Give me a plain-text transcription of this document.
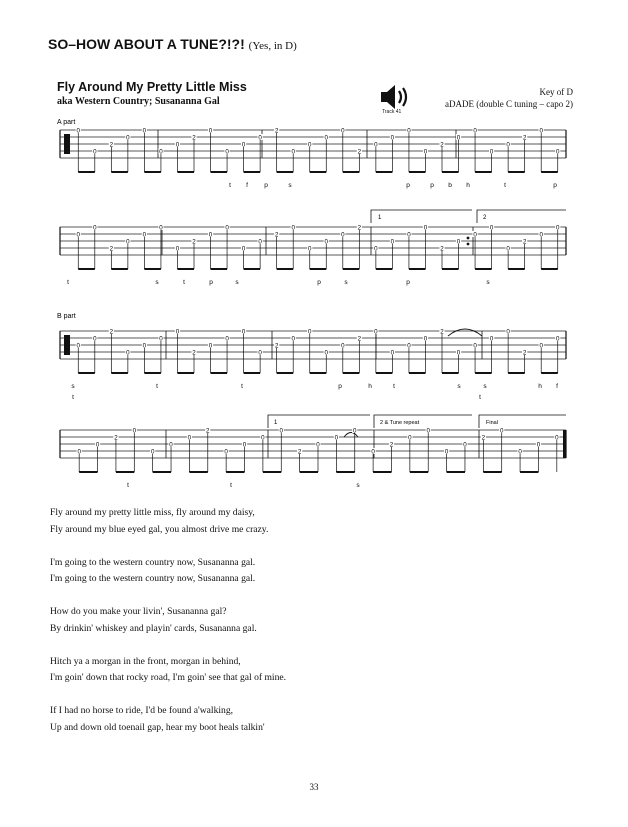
SO–HOW ABOUT A TUNE?!?! (Yes, in D)
Fly Around My Pretty Little Miss
aka Western Country; Susananna Gal
Track 41
Key of D
aDADE (double C tuning – capo 2)
A part
B part
1	2
1	2 & Tune repeat	Final
0
0
2
0
0
0
0
2
0
0
0
0
2
0
0
0
0
2
0
0
0
0
2
0
0
0
0
2
0
0
t f	p	s	p	p b h	t	p
0
0
2
0
0
0
0
2
0
0
0
0
2
0
0
0
0
2
0
0
0
0
2
0
0
0
0
2
0
0
t	s	t	p	s	p	s	p	s
0
0
2
0
0
0
0
2
0
0
0
0
2
0
0
0
0
2
0
0
0
0
2
0
0
0
0
2
0
0
s	t	t	p	h	t	s	s	h f
t	t
0
0
2
0
0
0
0
2
0
0
0
0
2
0
0
0
0
2
0
0
0
0
2
0
0
0
0
t	t	s
Fly around my pretty little miss, fly around my daisy,
Fly around my blue eyed gal, you almost drive me crazy.
I'm going to the western country now, Susananna gal.
I'm going to the western country now, Susananna gal.
How do you make your livin', Susananna gal?
By drinkin' whiskey and playin' cards, Susananna gal.
Hitch ya a morgan in the front, morgan in behind,
I'm goin' down that rocky road, I'm goin' see that gal of mine.
If I had no horse to ride, I'd be found a'walking,
Up and down old toenail gap, hear my boot heals talkin'
33
